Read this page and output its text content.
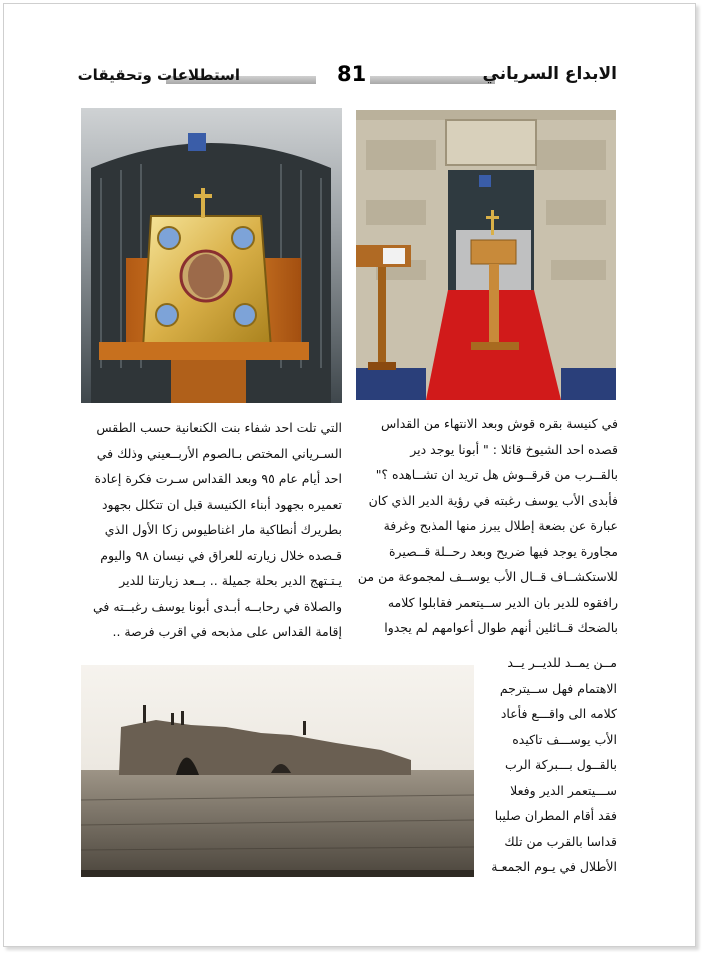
استطلاعات وتحقيقات	81	الابداع السرياني

في كنيسة بقره قوش وبعد الانتهاء من القداس

قصده احد الشيوخ قائلا : " أبونا يوجد دير

بالقــرب من قرقــوش هل تريد ان تشــاهده ؟"

فأبدى الأب يوسف رغبته في رؤية الدير الذي كان

عبارة عن بضعة إطلال يبرز منها المذبح وغرفة

مجاورة يوجد فيها ضريح وبعد رحــلة قــصيرة

للاستكشــاف قــال الأب يوســف لمجموعة من من

رافقوه للدير بان الدير ســيتعمر فقابلوا كلامه

بالضحك قــائلين أنهم طوال أعوامهم لم يجدوا

مــن يمــد للديــر يــد

الاهتمام فهل ســيترجم

كلامه الى واقـــع فأعاد

الأب يوســـف تاكيده

بالقــول بـــبركة الرب

ســـيتعمر الدير وفعلا

فقد أقام المطران صليبا

قداسا بالقرب من تلك

الأطلال في يـوم الجمعـة

التي تلت احد شفاء بنت الكنعانية حسب الطقس

السـرياني المختص بـالصوم الأربــعيني وذلك في

احد أيام عام ٩٥ وبعد القداس سـرت فكرة إعادة

تعميره بجهود أبناء الكنيسة قبل ان تتكلل بجهود

بطريرك أنطاكية مار اغناطيوس زكا الأول الذي

قـصده خلال زيارته للعراق في نيسان ٩٨ واليوم

يـتـتهج الدير بحلة جميلة .. بــعد زيارتنا للدير

والصلاة في رحابــه أبـدى أبونا يوسف رغبــته في

إقامة القداس على مذبحه في اقرب فرصة ..
